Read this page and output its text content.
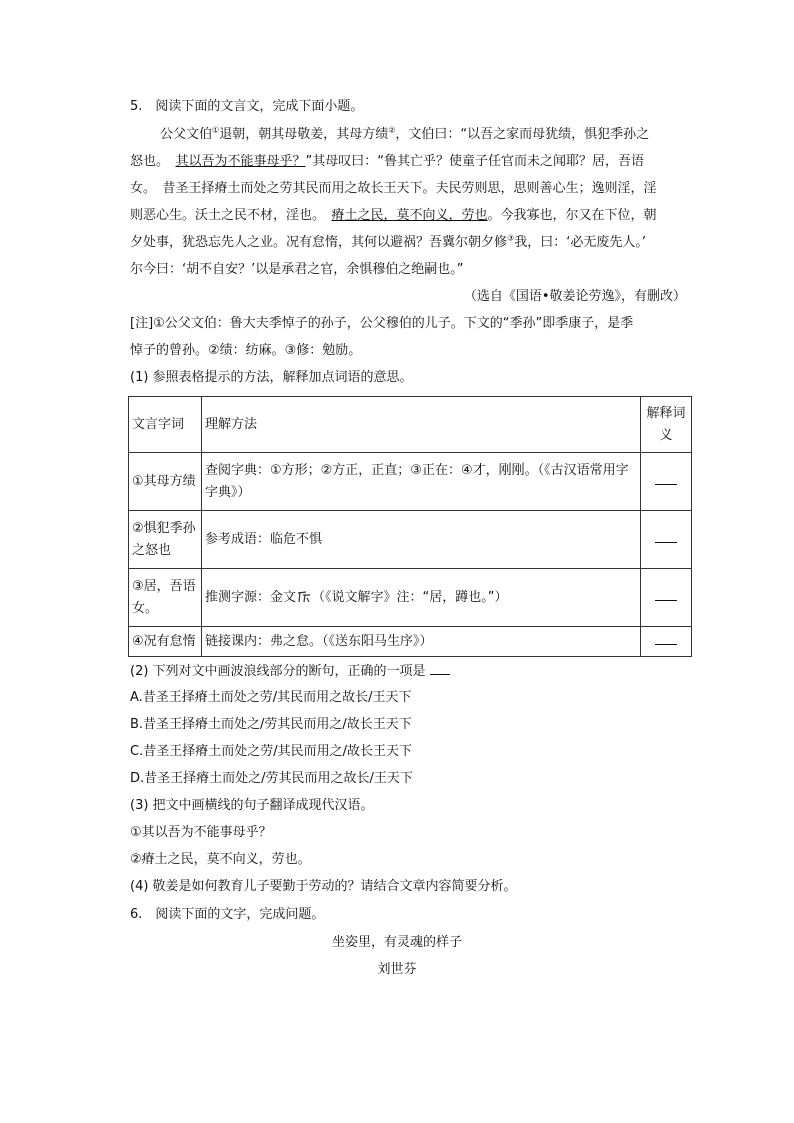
5.　阅读下面的文言文，完成下面小题。
公父文伯①退朝，朝其母敬姜，其母方绩②，文伯曰：“以吾之家而母犹绩，惧犯季孙之
怒也。　其以吾为不能事母乎？”其母叹曰：“鲁其亡乎？使童子任官而未之闻耶？居，吾语
女。　昔圣王择瘠土而处之劳其民而用之故长王天下。夫民劳则思，思则善心生；逸则淫，淫
则恶心生。沃土之民不材，淫也。　瘠土之民，莫不向义，劳也。今我寡也，尔又在下位，朝
夕处事，犹恐忘先人之业。况有怠惰，其何以避祸？吾冀尔朝夕修③我，曰：‘必无废先人。’
尔今曰：‘胡不自安？’以是承君之官，余惧穆伯之绝嗣也。”
（选自《国语•敬姜论劳逸》，有删改）
[注]①公父文伯：鲁大夫季悼子的孙子，公父穆伯的儿子。下文的“季孙”即季康子，是季
悼子的曾孙。②绩：纺麻。③修：勉励。
(1) 参照表格提示的方法，解释加点词语的意思。
文言字词	理解方法	解释词义
①其母方绩	查阅字典：①方形；②方正，正直；③正在：④才，刚刚。（《古汉语常用字字典》）	
②惧犯季孙之怒也	参考成语：临危不惧	
③居，吾语女。	推测字源：金文 （《说文解字》注：“居，蹲也。”）	
④况有怠惰	链接课内：弗之怠。（《送东阳马生序》）	
(2) 下列对文中画波浪线部分的断句，正确的一项是
A.昔圣王择瘠土而处之劳/其民而用之故长/王天下
B.昔圣王择瘠土而处之/劳其民而用之/故长王天下
C.昔圣王择瘠土而处之劳/其民而用之/故长王天下
D.昔圣王择瘠土而处之/劳其民而用之故长/王天下
(3) 把文中画横线的句子翻译成现代汉语。
①其以吾为不能事母乎？
②瘠土之民，莫不向义，劳也。
(4) 敬姜是如何教育儿子要勤于劳动的？请结合文章内容简要分析。
6.　阅读下面的文字，完成问题。
坐姿里，有灵魂的样子
刘世芬
